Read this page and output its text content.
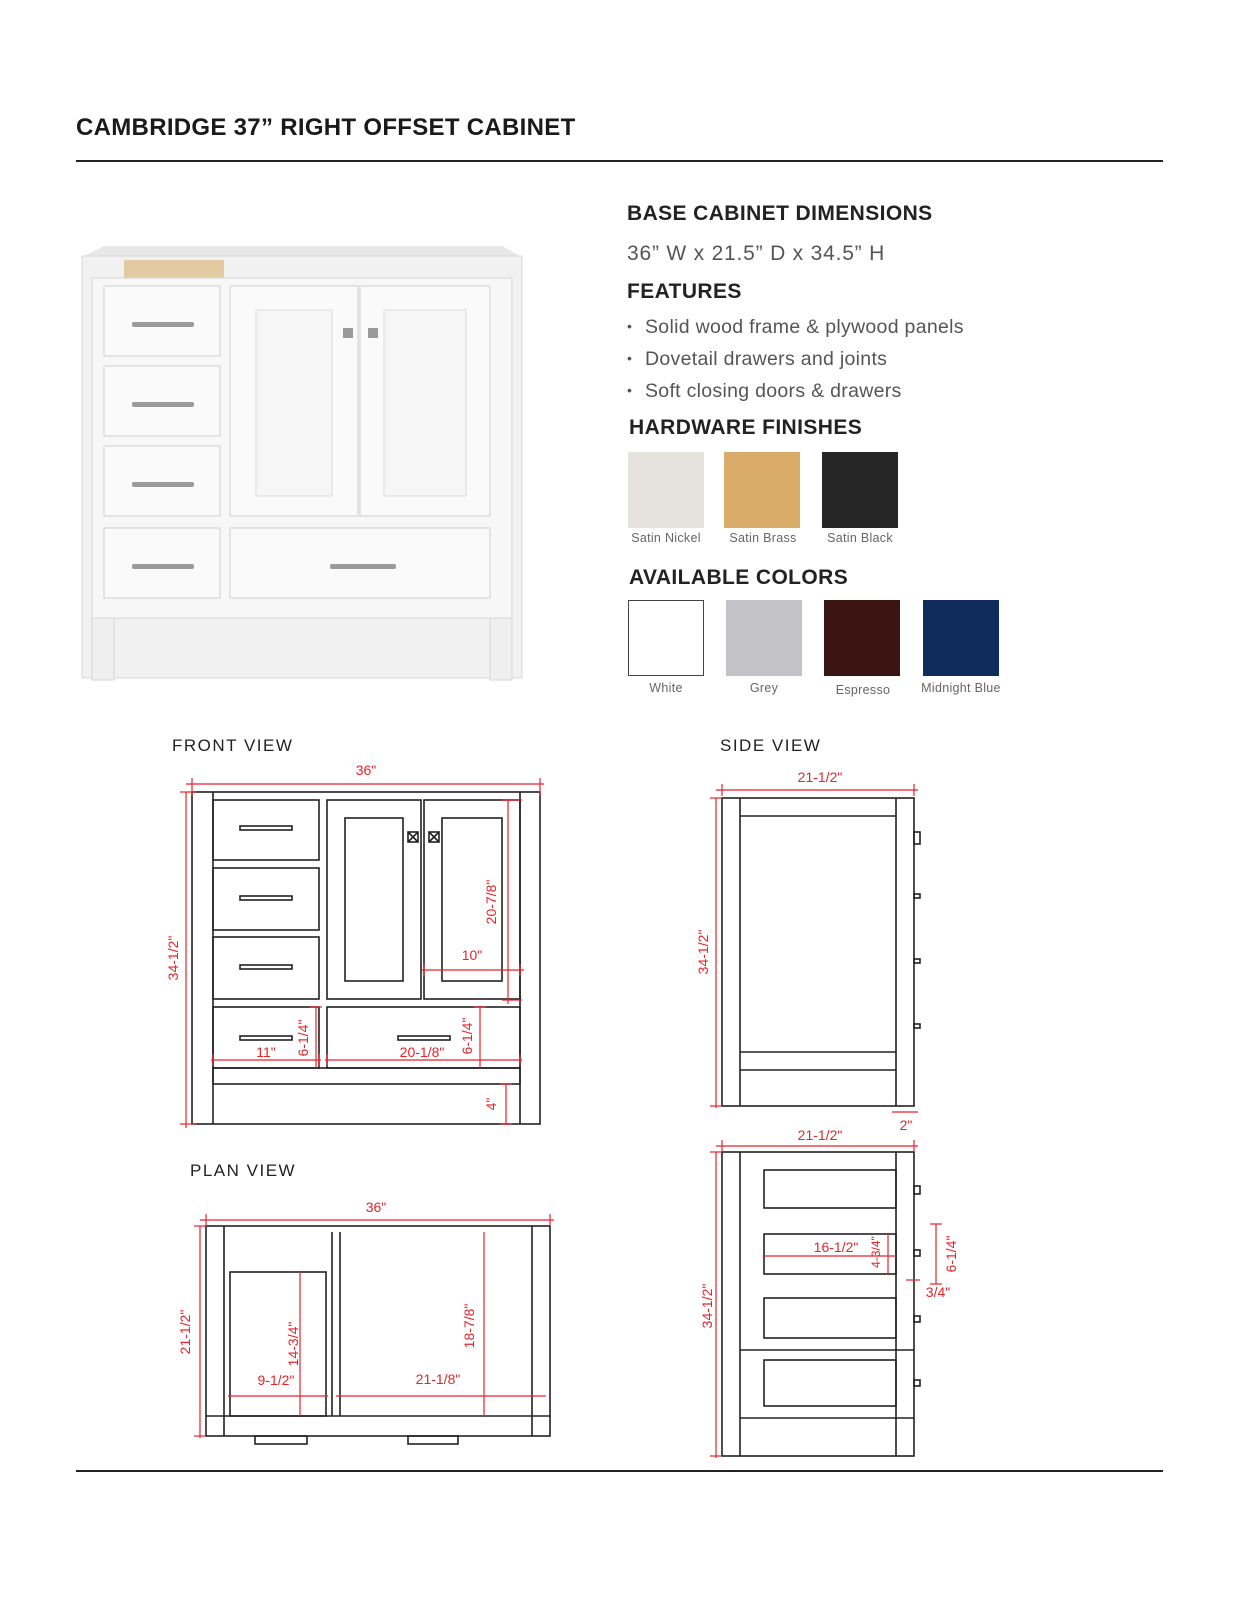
CAMBRIDGE 37” RIGHT OFFSET CABINET
BASE CABINET DIMENSIONS
36” W x 21.5” D x 34.5” H
FEATURES
• Solid wood frame & plywood panels
• Dovetail drawers and joints
• Soft closing doors & drawers
HARDWARE FINISHES
Satin Nickel	Satin Brass	Satin Black
AVAILABLE COLORS
White	Grey	Espresso	Midnight Blue
FRONT VIEW	SIDE VIEW
PLAN VIEW
36"
34-1/2"
20-7/8"
10"
11" 6-1/4"	20-1/8" 6-1/4"
4"
21-1/2"
34-1/2"
2"
21-1/2"
34-1/2"
16-1/2" 4-3/4"	6-1/4"
3/4"
36"
21-1/2"	14-3/4"
9-1/2"
18-7/8"
21-1/8"
